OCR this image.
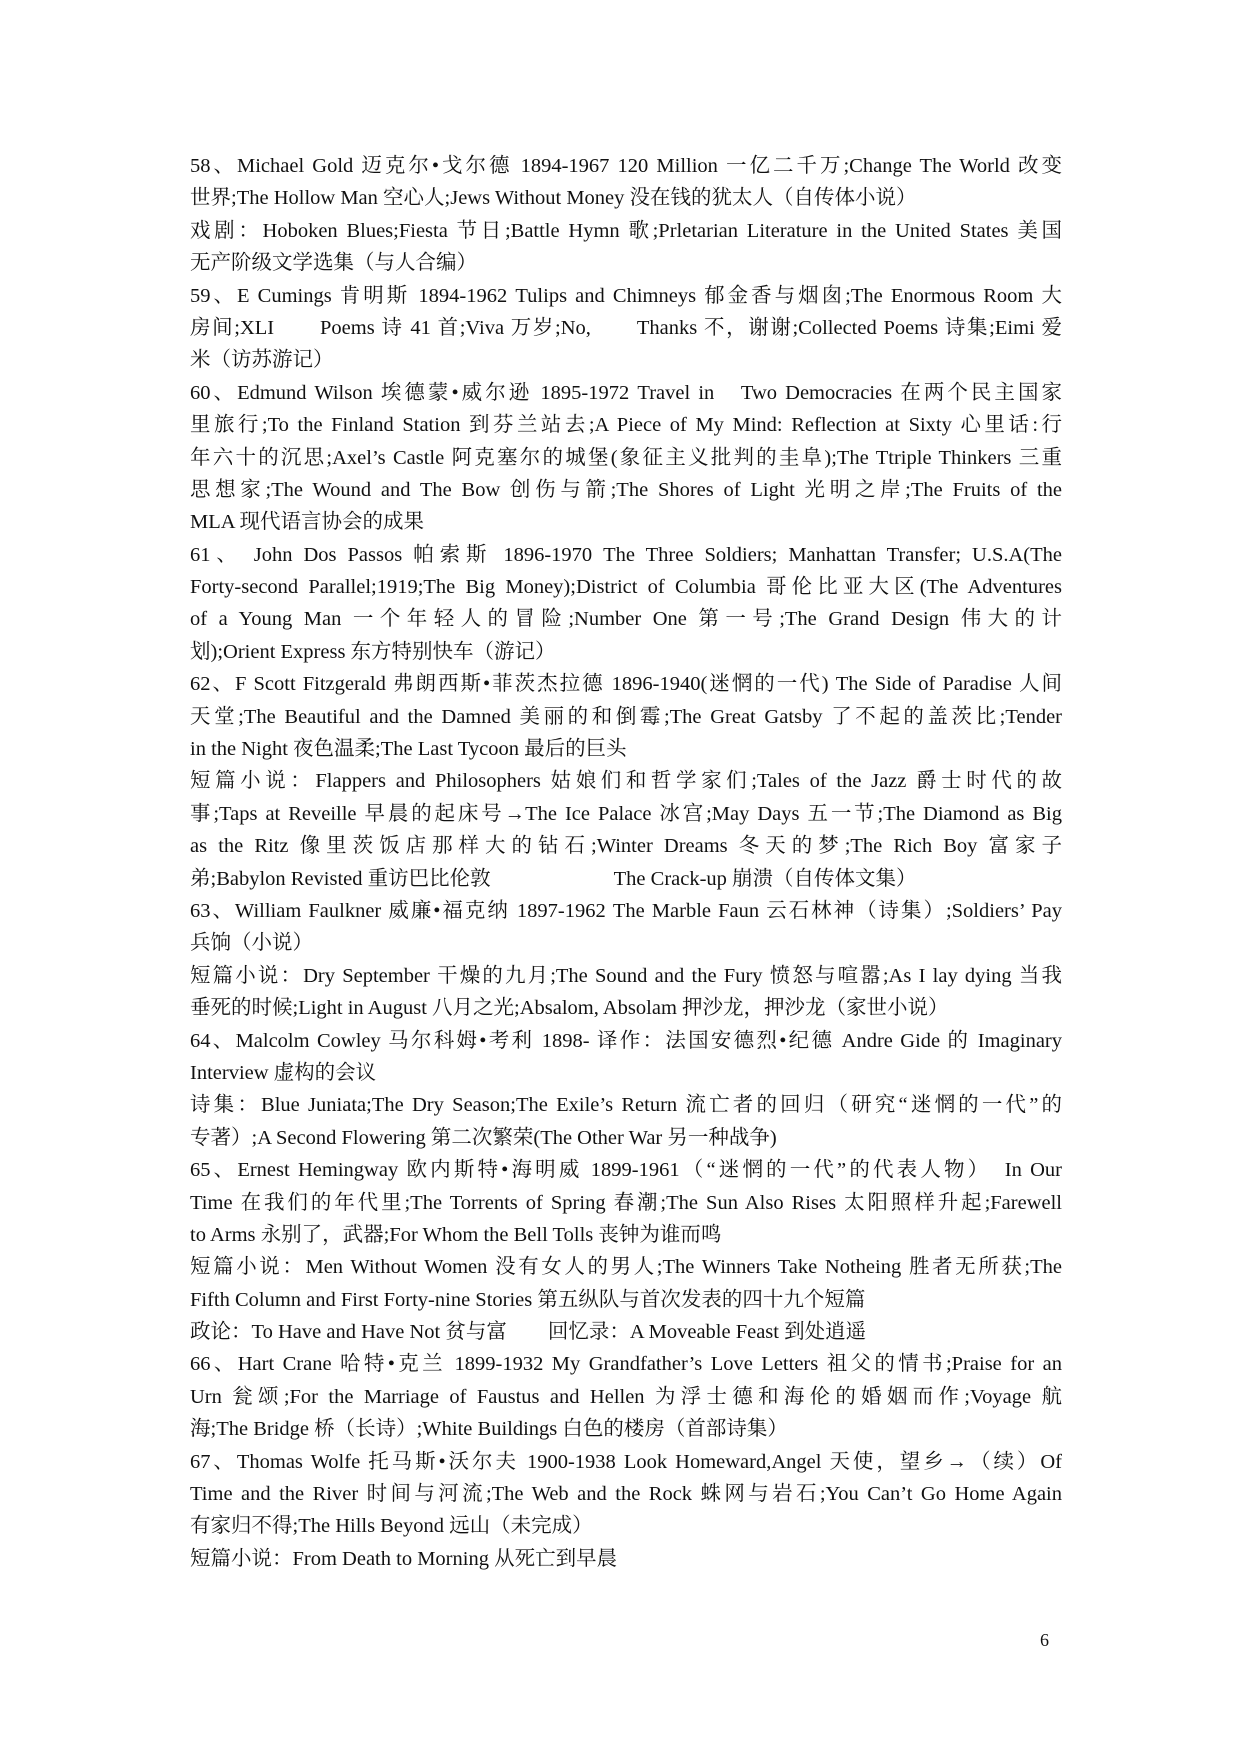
58、Michael Gold 迈克尔•戈尔德 1894-1967 120 Million 一亿二千万;Change The World 改变
世界;The Hollow Man 空心人;Jews Without Money 没在钱的犹太人（自传体小说）
戏剧：Hoboken Blues;Fiesta 节日;Battle Hymn 歌;Prletarian Literature in the United States 美国
无产阶级文学选集（与人合编）
59、E Cumings 肯明斯 1894-1962 Tulips and Chimneys 郁金香与烟囱;The Enormous Room 大
房间;XLI　　Poems 诗 41 首;Viva 万岁;No,　　Thanks 不，谢谢;Collected Poems 诗集;Eimi 爱
米（访苏游记）
60、Edmund Wilson 埃德蒙•威尔逊 1895-1972 Travel in　Two Democracies 在两个民主国家
里旅行;To the Finland Station 到芬兰站去;A Piece of My Mind: Reflection at Sixty 心里话:行
年六十的沉思;Axel’s Castle 阿克塞尔的城堡(象征主义批判的圭阜);The Ttriple Thinkers 三重
思想家;The Wound and The Bow 创伤与箭;The Shores of Light 光明之岸;The Fruits of the
MLA 现代语言协会的成果
61、 John Dos Passos 帕索斯 1896-1970 The Three Soldiers; Manhattan Transfer; U.S.A(The
Forty-second Parallel;1919;The Big Money);District of Columbia 哥伦比亚大区(The Adventures
of a Young Man 一个年轻人的冒险;Number One 第一号;The Grand Design 伟大的计
划);Orient Express 东方特别快车（游记）
62、F Scott Fitzgerald 弗朗西斯•菲茨杰拉德 1896-1940(迷惘的一代) The Side of Paradise 人间
天堂;The Beautiful and the Damned 美丽的和倒霉;The Great Gatsby 了不起的盖茨比;Tender
in the Night 夜色温柔;The Last Tycoon 最后的巨头
短篇小说：Flappers and Philosophers 姑娘们和哲学家们;Tales of the Jazz 爵士时代的故
事;Taps at Reveille 早晨的起床号→The Ice Palace 冰宫;May Days 五一节;The Diamond as Big
as the Ritz 像里茨饭店那样大的钻石;Winter Dreams 冬天的梦;The Rich Boy 富家子
弟;Babylon Revisted 重访巴比伦敦　　　　　　The Crack-up 崩溃（自传体文集）
63、William Faulkner 威廉•福克纳 1897-1962 The Marble Faun 云石林神（诗集）;Soldiers’ Pay
兵饷（小说）
短篇小说：Dry September 干燥的九月;The Sound and the Fury 愤怒与喧嚣;As I lay dying 当我
垂死的时候;Light in August 八月之光;Absalom, Absolam 押沙龙，押沙龙（家世小说）
64、Malcolm Cowley 马尔科姆•考利 1898- 译作：法国安德烈•纪德 Andre Gide 的 Imaginary
Interview 虚构的会议
诗集：Blue Juniata;The Dry Season;The Exile’s Return 流亡者的回归（研究“迷惘的一代”的
专著）;A Second Flowering 第二次繁荣(The Other War 另一种战争)
65、Ernest Hemingway 欧内斯特•海明威 1899-1961（“迷惘的一代”的代表人物）　In Our
Time 在我们的年代里;The Torrents of Spring 春潮;The Sun Also Rises 太阳照样升起;Farewell
to Arms 永别了，武器;For Whom the Bell Tolls 丧钟为谁而鸣
短篇小说：Men Without Women 没有女人的男人;The Winners Take Notheing 胜者无所获;The
Fifth Column and First Forty-nine Stories 第五纵队与首次发表的四十九个短篇
政论：To Have and Have Not 贫与富　　回忆录：A Moveable Feast 到处逍遥
66、Hart Crane 哈特•克兰 1899-1932 My Grandfather’s Love Letters 祖父的情书;Praise for an
Urn 瓮颂;For the Marriage of Faustus and Hellen 为浮士德和海伦的婚姻而作;Voyage 航
海;The Bridge 桥（长诗）;White Buildings 白色的楼房（首部诗集）
67、Thomas Wolfe 托马斯•沃尔夫 1900-1938 Look Homeward,Angel 天使，望乡→（续）Of
Time and the River 时间与河流;The Web and the Rock 蛛网与岩石;You Can’t Go Home Again
有家归不得;The Hills Beyond 远山（未完成）
短篇小说：From Death to Morning 从死亡到早晨
6
